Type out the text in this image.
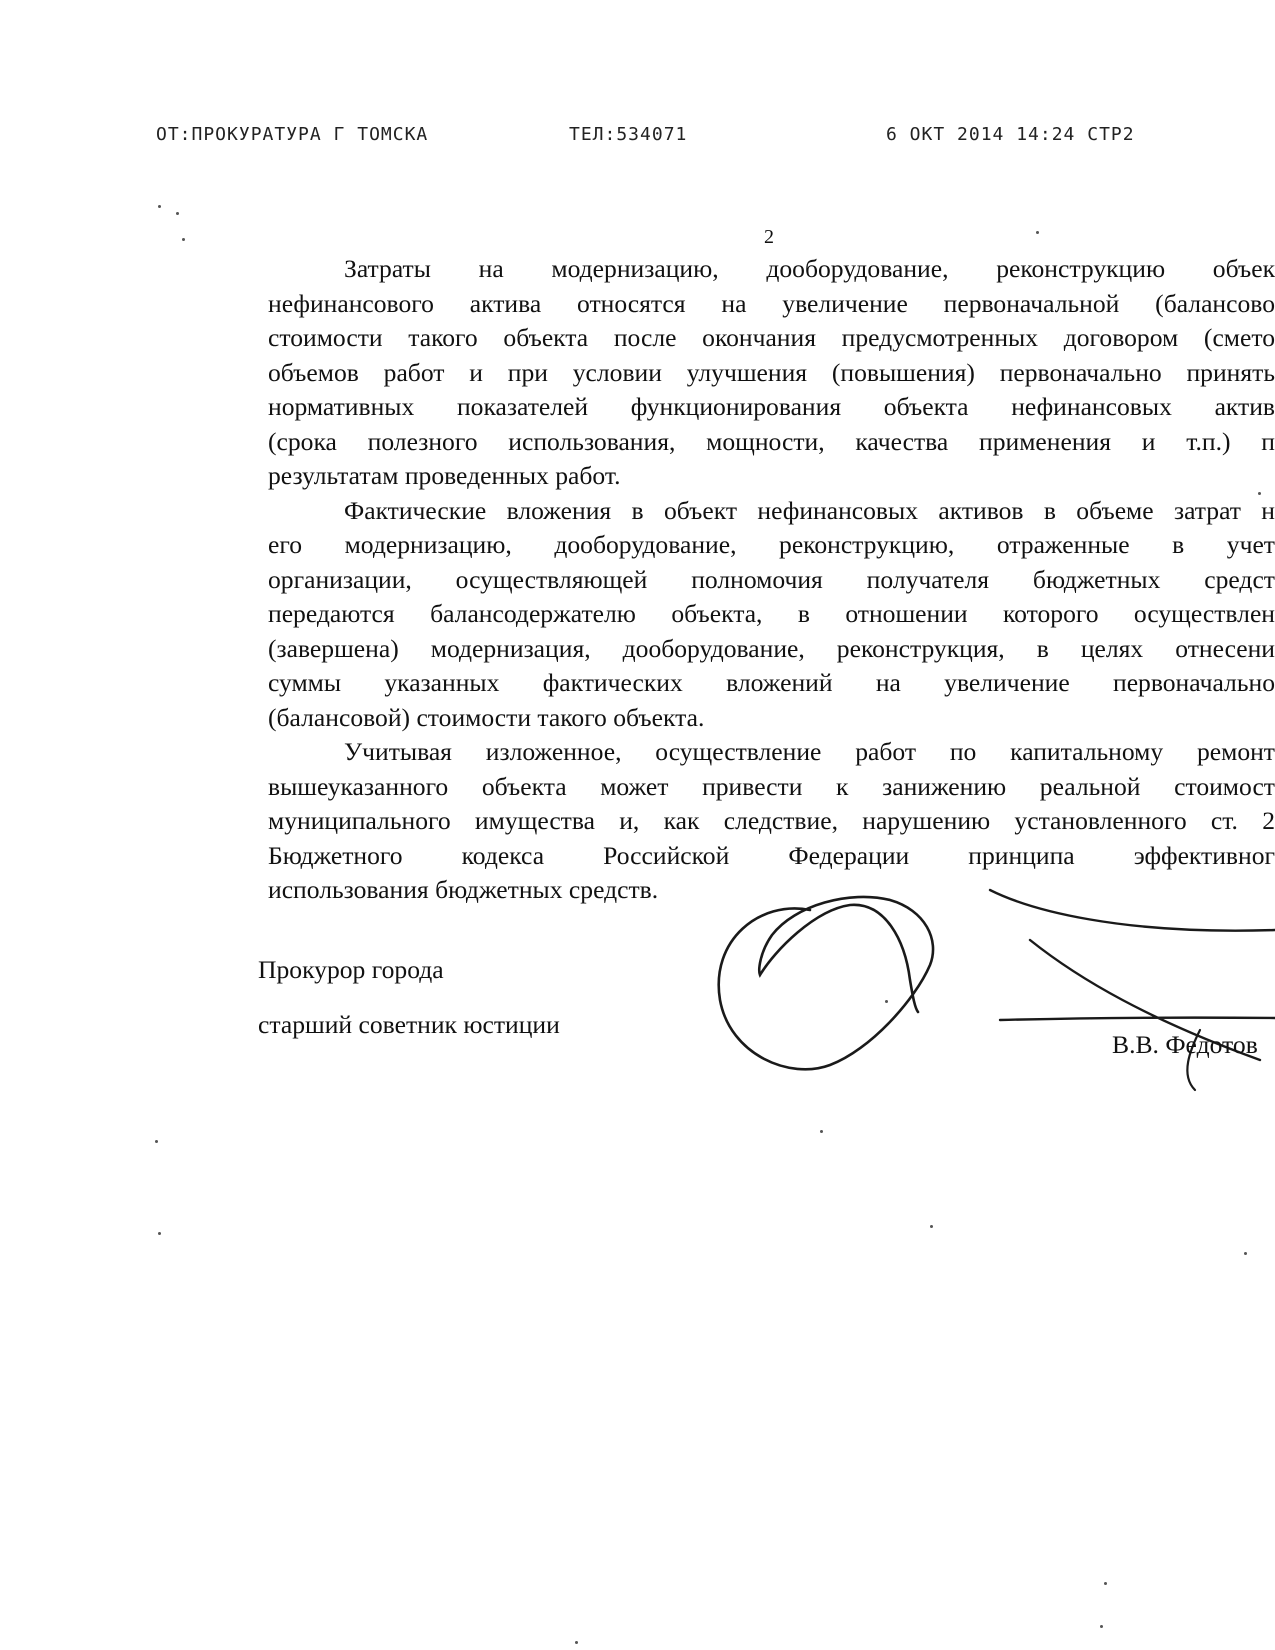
ОТ:ПРОКУРАТУРА Г ТОМСКА	ТЕЛ:534071	6 ОКТ 2014 14:24 СТР2
2

Затраты на модернизацию, дооборудование, реконструкцию объек

нефинансового актива относятся на увеличение первоначальной (балансово

стоимости такого объекта после окончания предусмотренных договором (смето

объемов работ и при условии улучшения (повышения) первоначально принять

нормативных показателей функционирования объекта нефинансовых актив

(срока полезного использования, мощности, качества применения и т.п.) п

результатам проведенных работ.

Фактические вложения в объект нефинансовых активов в объеме затрат н

его модернизацию, дооборудование, реконструкцию, отраженные в учет

организации, осуществляющей полномочия получателя бюджетных средст

передаются балансодержателю объекта, в отношении которого осуществлен

(завершена) модернизация, дооборудование, реконструкция, в целях отнесени

суммы указанных фактических вложений на увеличение первоначально

(балансовой) стоимости такого объекта.

Учитывая изложенное, осуществление работ по капитальному ремонт

вышеуказанного объекта может привести к занижению реальной стоимост

муниципального имущества и, как следствие, нарушению установленного ст. 2

Бюджетного кодекса Российской Федерации принципа эффективног

использования бюджетных средств.

Прокурор города
старший советник юстиции
В.В. Федотов
